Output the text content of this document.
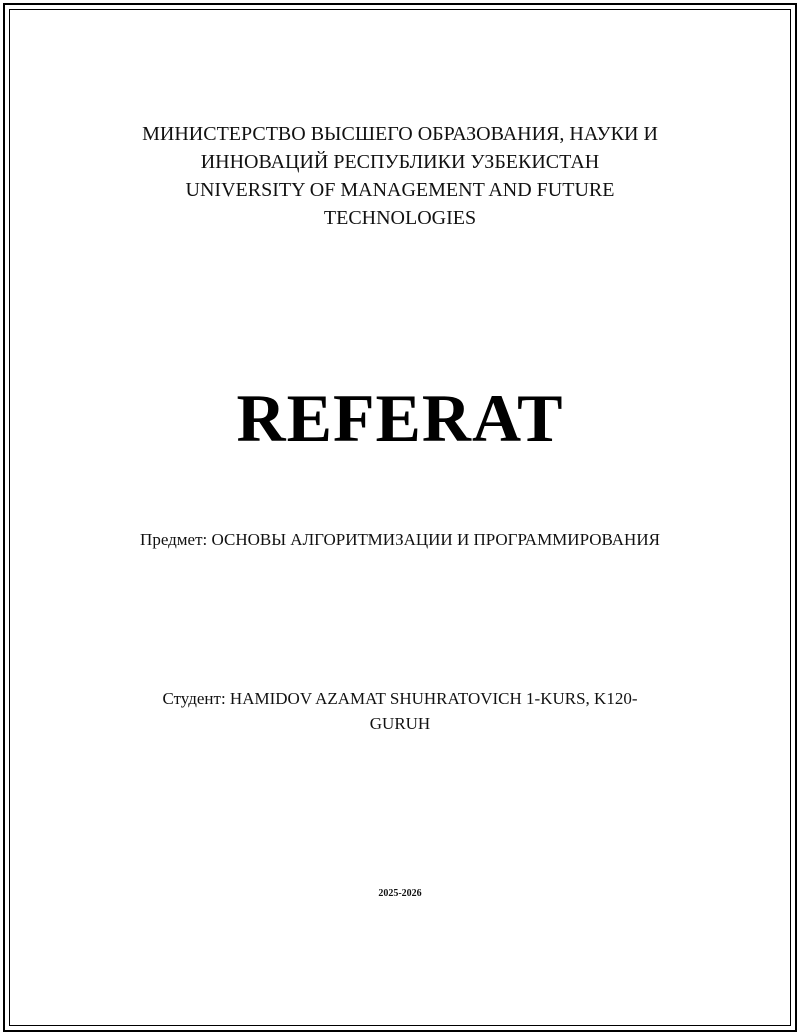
МИНИСТЕРСТВО ВЫСШЕГО ОБРАЗОВАНИЯ, НАУКИ И
ИННОВАЦИЙ РЕСПУБЛИКИ УЗБЕКИСТАН
UNIVERSITY OF MANAGEMENT AND FUTURE
TECHNOLOGIES
REFERAT
Предмет: ОСНОВЫ АЛГОРИТМИЗАЦИИ И ПРОГРАММИРОВАНИЯ
Студент: HAMIDOV AZAMAT SHUHRATOVICH 1-KURS, K120-
GURUH
2025-2026
